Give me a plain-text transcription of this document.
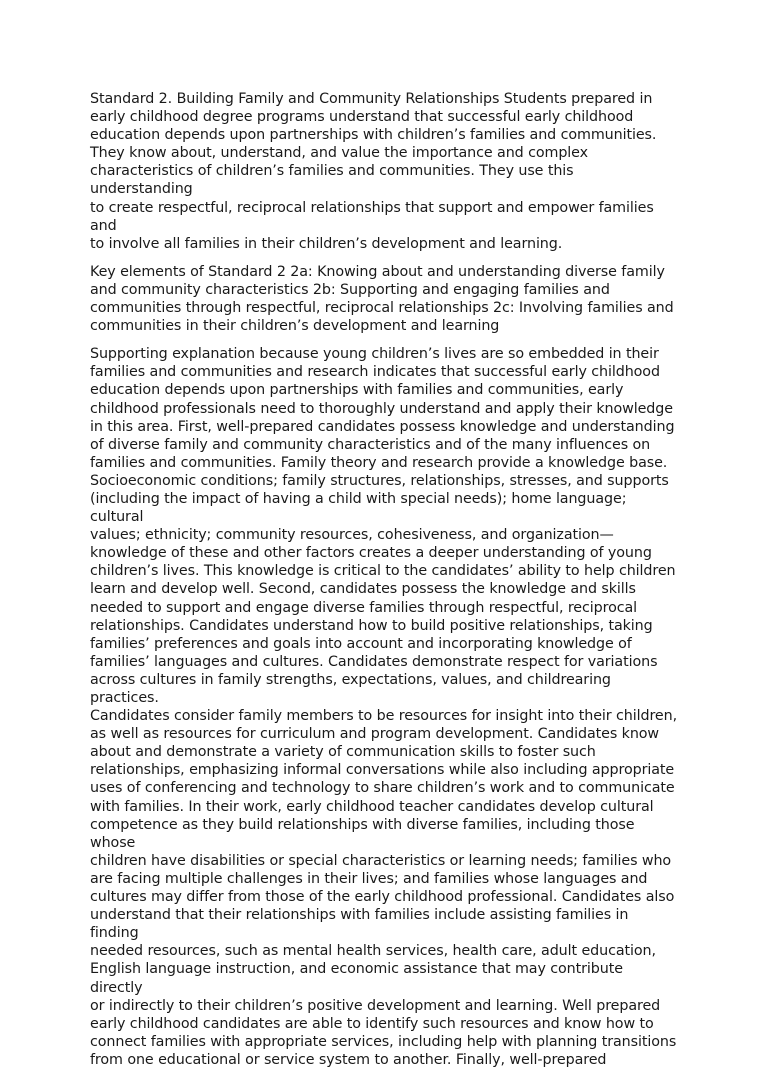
Standard 2. Building Family and Community Relationships Students prepared in
early childhood degree programs understand that successful early childhood
education depends upon partnerships with children’s families and communities.
They know about, understand, and value the importance and complex
characteristics of children’s families and communities. They use this understanding
to create respectful, reciprocal relationships that support and empower families and
to involve all families in their children’s development and learning.

Key elements of Standard 2 2a: Knowing about and understanding diverse family
and community characteristics 2b: Supporting and engaging families and
communities through respectful, reciprocal relationships 2c: Involving families and
communities in their children’s development and learning

Supporting explanation because young children’s lives are so embedded in their
families and communities and research indicates that successful early childhood
education depends upon partnerships with families and communities, early
childhood professionals need to thoroughly understand and apply their knowledge
in this area. First, well-prepared candidates possess knowledge and understanding
of diverse family and community characteristics and of the many influences on
families and communities. Family theory and research provide a knowledge base.
Socioeconomic conditions; family structures, relationships, stresses, and supports
(including the impact of having a child with special needs); home language; cultural
values; ethnicity; community resources, cohesiveness, and organization—
knowledge of these and other factors creates a deeper understanding of young
children’s lives. This knowledge is critical to the candidates’ ability to help children
learn and develop well. Second, candidates possess the knowledge and skills
needed to support and engage diverse families through respectful, reciprocal
relationships. Candidates understand how to build positive relationships, taking
families’ preferences and goals into account and incorporating knowledge of
families’ languages and cultures. Candidates demonstrate respect for variations
across cultures in family strengths, expectations, values, and childrearing practices.
Candidates consider family members to be resources for insight into their children,
as well as resources for curriculum and program development. Candidates know
about and demonstrate a variety of communication skills to foster such
relationships, emphasizing informal conversations while also including appropriate
uses of conferencing and technology to share children’s work and to communicate
with families. In their work, early childhood teacher candidates develop cultural
competence as they build relationships with diverse families, including those whose
children have disabilities or special characteristics or learning needs; families who
are facing multiple challenges in their lives; and families whose languages and
cultures may differ from those of the early childhood professional. Candidates also
understand that their relationships with families include assisting families in finding
needed resources, such as mental health services, health care, adult education,
English language instruction, and economic assistance that may contribute directly
or indirectly to their children’s positive development and learning. Well prepared
early childhood candidates are able to identify such resources and know how to
connect families with appropriate services, including help with planning transitions
from one educational or service system to another. Finally, well-prepared
